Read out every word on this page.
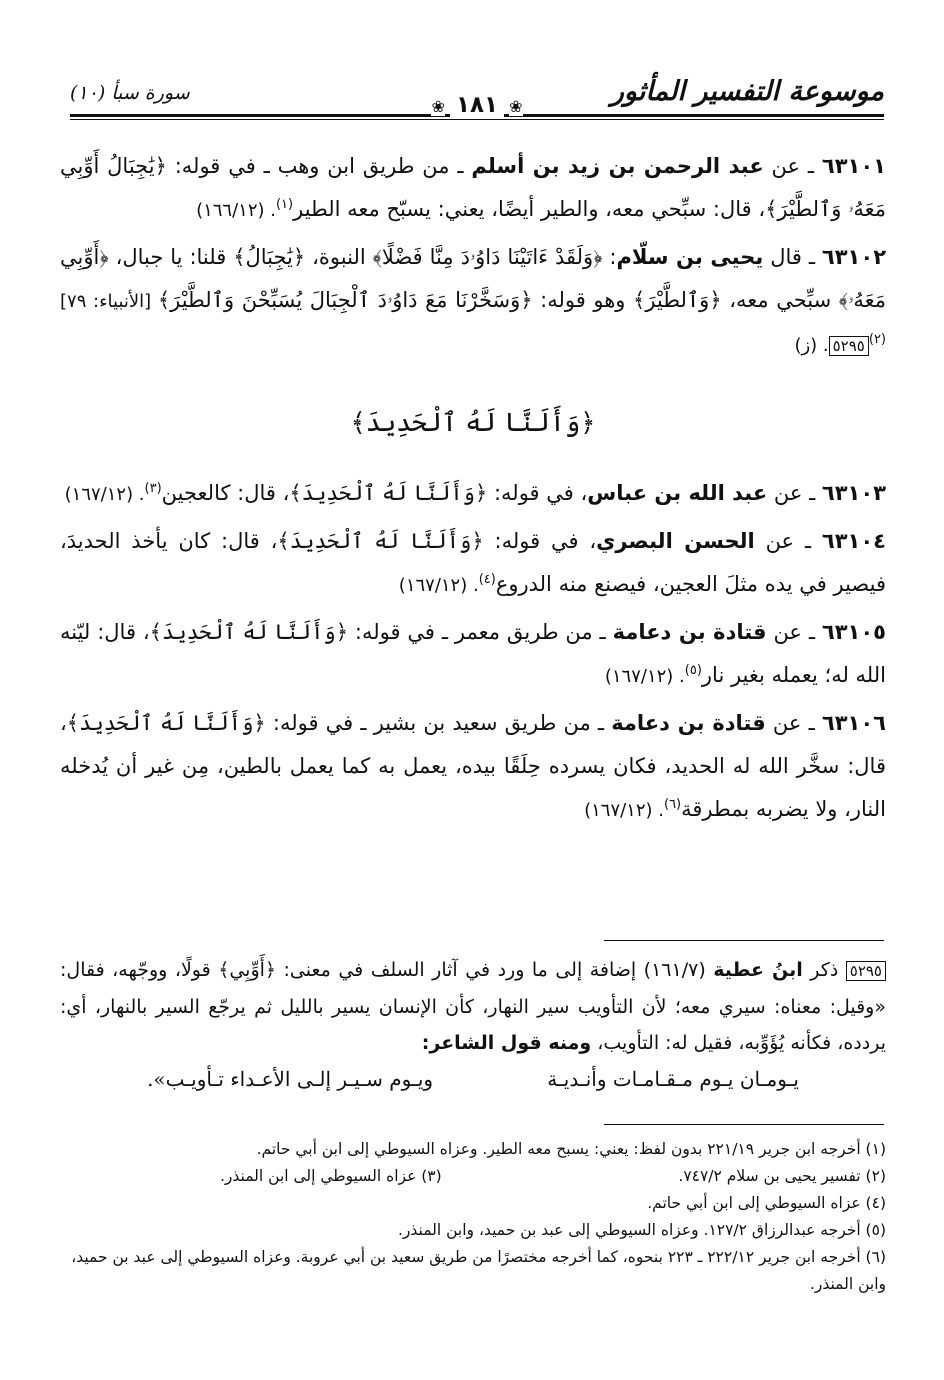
موسوعة التفسير المأثور
❀ ١٨١ ❀
سورة سبأ (١٠)

٦٣١٠١ ـ عن عبد الرحمن بن زيد بن أسلم ـ من طريق ابن وهب ـ في قوله: ﴿يَٰجِبَالُ أَوِّبِي مَعَهُۥ وَٱلطَّيْرَ﴾، قال: سبِّحي معه، والطير أيضًا، يعني: يسبّح معه الطير$^{(١)}$. (١٦٦/١٢)

٦٣١٠٢ ـ قال يحيى بن سلّام: ﴿وَلَقَدْ ءَاتَيْنَا دَاوُۥدَ مِنَّا فَضْلًا﴾ النبوة، ﴿يَٰجِبَالُ﴾ قلنا: يا جبال، ﴿أَوِّبِي مَعَهُۥ﴾ سبِّحي معه، ﴿وَٱلطَّيْرَ﴾ وهو قوله: ﴿وَسَخَّرْنَا مَعَ دَاوُۥدَ ٱلْجِبَالَ يُسَبِّحْنَ وَٱلطَّيْرَ﴾ [الأنبياء: ٧٩]$^{(٢)}$٥٢٩٥. (ز)

﴿وَأَلَنَّا لَهُ ٱلْحَدِيدَ﴾

٦٣١٠٣ ـ عن عبد الله بن عباس، في قوله: ﴿وَأَلَنَّا لَهُ ٱلْحَدِيدَ﴾، قال: كالعجين$^{(٣)}$. (١٦٧/١٢)

٦٣١٠٤ ـ عن الحسن البصري، في قوله: ﴿وَأَلَنَّا لَهُ ٱلْحَدِيدَ﴾، قال: كان يأخذ الحديدَ، فيصير في يده مثلَ العجين، فيصنع منه الدروع$^{(٤)}$. (١٦٧/١٢)

٦٣١٠٥ ـ عن قتادة بن دعامة ـ من طريق معمر ـ في قوله: ﴿وَأَلَنَّا لَهُ ٱلْحَدِيدَ﴾، قال: ليّنه الله له؛ يعمله بغير نار$^{(٥)}$. (١٦٧/١٢)

٦٣١٠٦ ـ عن قتادة بن دعامة ـ من طريق سعيد بن بشير ـ في قوله: ﴿وَأَلَنَّا لَهُ ٱلْحَدِيدَ﴾، قال: سخَّر الله له الحديد، فكان يسرده حِلَقًا بيده، يعمل به كما يعمل بالطين، مِن غير أن يُدخله النار، ولا يضربه بمطرقة$^{(٦)}$. (١٦٧/١٢)

٥٢٩٥ ذكر ابنُ عطية (١٦١/٧) إضافة إلى ما ورد في آثار السلف في معنى: ﴿أَوِّبِي﴾ قولًا، ووجّهه، فقال: «وقيل: معناه: سيري معه؛ لأن التأويب سير النهار، كأن الإنسان يسير بالليل ثم يرجّع السير بالنهار، أي: يردده، فكأنه يُؤَوِّبه، فقيل له: التأويب، ومنه قول الشاعر:
يـومـان يـوم مـقـامـات وأنـديـة
ويـوم سـيـر إلـى الأعـداء تـأويـب».
(١) أخرجه ابن جرير ٢٢١/١٩ بدون لفظ: يعني: يسبح معه الطير. وعزاه السيوطي إلى ابن أبي حاتم.
(٢) تفسير يحيى بن سلام ٧٤٧/٢.
(٣) عزاه السيوطي إلى ابن المنذر.
(٤) عزاه السيوطي إلى ابن أبي حاتم.
(٥) أخرجه عبدالرزاق ١٢٧/٢. وعزاه السيوطي إلى عبد بن حميد، وابن المنذر.
(٦) أخرجه ابن جرير ٢٢٢/١٢ ـ ٢٢٣ بنحوه، كما أخرجه مختصرًا من طريق سعيد بن أبي عروبة. وعزاه السيوطي إلى عبد بن حميد، وابن المنذر.
